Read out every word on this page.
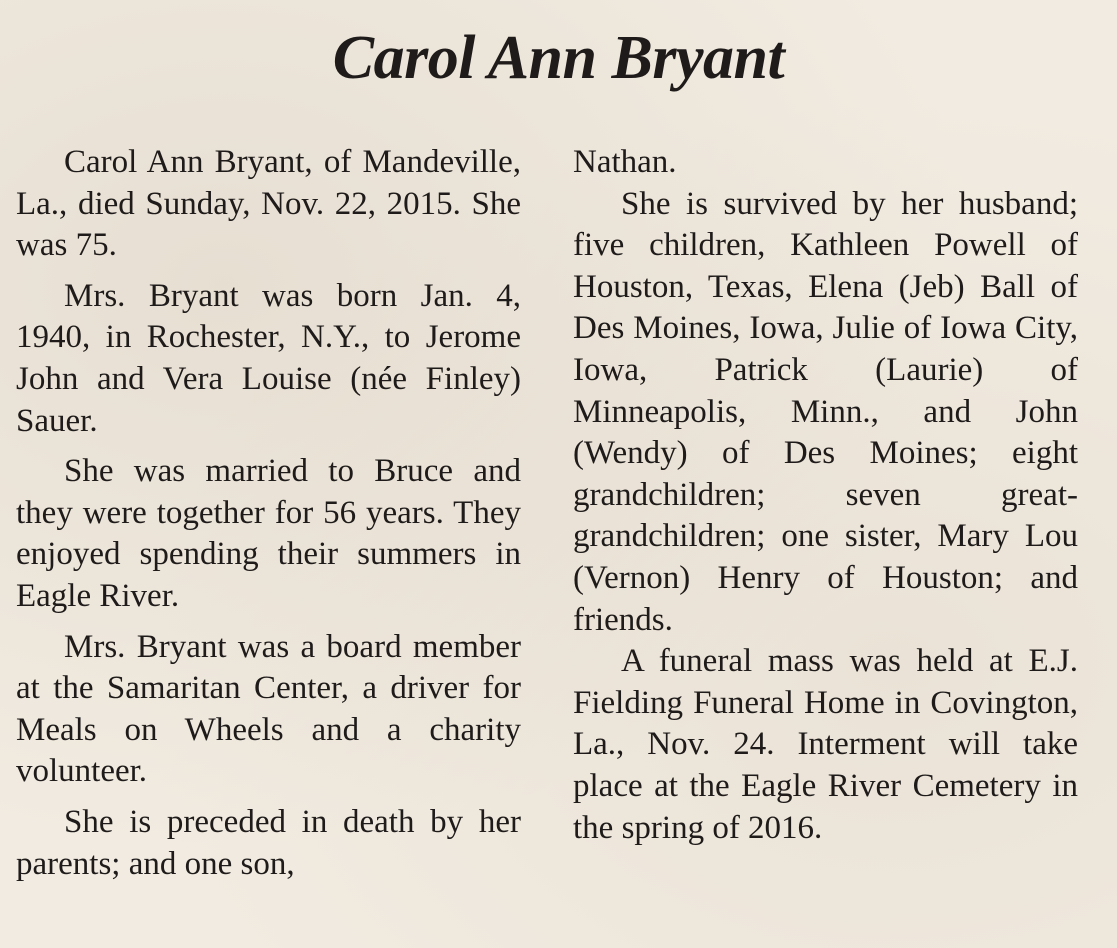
Carol Ann Bryant

Carol Ann Bryant, of Mandeville, La., died Sunday, Nov. 22, 2015. She was 75.

Mrs. Bryant was born Jan. 4, 1940, in Rochester, N.Y., to Jerome John and Vera Louise (née Finley) Sauer.

She was married to Bruce and they were together for 56 years. They enjoyed spending their summers in Eagle River.

Mrs. Bryant was a board member at the Samaritan Center, a driver for Meals on Wheels and a charity volunteer.

She is preceded in death by her parents; and one son,

Nathan.

She is survived by her husband; five children, Kathleen Powell of Houston, Texas, Elena (Jeb) Ball of Des Moines, Iowa, Julie of Iowa City, Iowa, Patrick (Laurie) of Minneapolis, Minn., and John (Wendy) of Des Moines; eight grandchildren; seven great-grandchildren; one sister, Mary Lou (Vernon) Henry of Houston; and friends.

A funeral mass was held at E.J. Fielding Funeral Home in Covington, La., Nov. 24. Interment will take place at the Eagle River Cemetery in the spring of 2016.
